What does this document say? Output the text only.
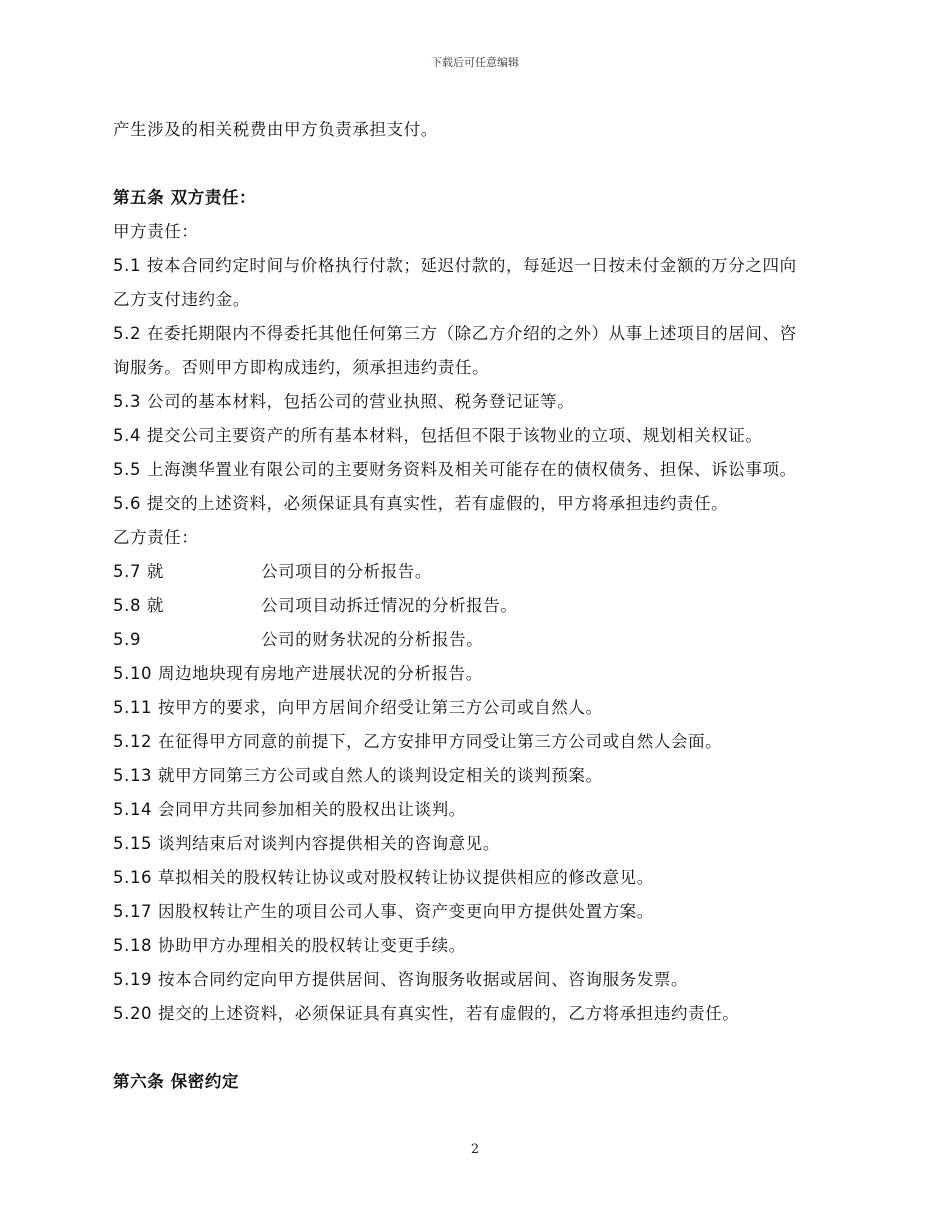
下载后可任意编辑
产生涉及的相关税费由甲方负责承担支付。
第五条 双方责任：
甲方责任：
5.1 按本合同约定时间与价格执行付款；延迟付款的，每延迟一日按未付金额的万分之四向
乙方支付违约金。
5.2 在委托期限内不得委托其他任何第三方（除乙方介绍的之外）从事上述项目的居间、咨
询服务。否则甲方即构成违约，须承担违约责任。
5.3 公司的基本材料，包括公司的营业执照、税务登记证等。
5.4 提交公司主要资产的所有基本材料，包括但不限于该物业的立项、规划相关权证。
5.5 上海澳华置业有限公司的主要财务资料及相关可能存在的债权债务、担保、诉讼事项。
5.6 提交的上述资料，必须保证具有真实性，若有虚假的，甲方将承担违约责任。
乙方责任：
5.7 就	公司项目的分析报告。
5.8 就	公司项目动拆迁情况的分析报告。
5.9	公司的财务状况的分析报告。
5.10 周边地块现有房地产进展状况的分析报告。
5.11 按甲方的要求，向甲方居间介绍受让第三方公司或自然人。
5.12 在征得甲方同意的前提下，乙方安排甲方同受让第三方公司或自然人会面。
5.13 就甲方同第三方公司或自然人的谈判设定相关的谈判预案。
5.14 会同甲方共同参加相关的股权出让谈判。
5.15 谈判结束后对谈判内容提供相关的咨询意见。
5.16 草拟相关的股权转让协议或对股权转让协议提供相应的修改意见。
5.17 因股权转让产生的项目公司人事、资产变更向甲方提供处置方案。
5.18 协助甲方办理相关的股权转让变更手续。
5.19 按本合同约定向甲方提供居间、咨询服务收据或居间、咨询服务发票。
5.20 提交的上述资料，必须保证具有真实性，若有虚假的，乙方将承担违约责任。
第六条 保密约定
2
